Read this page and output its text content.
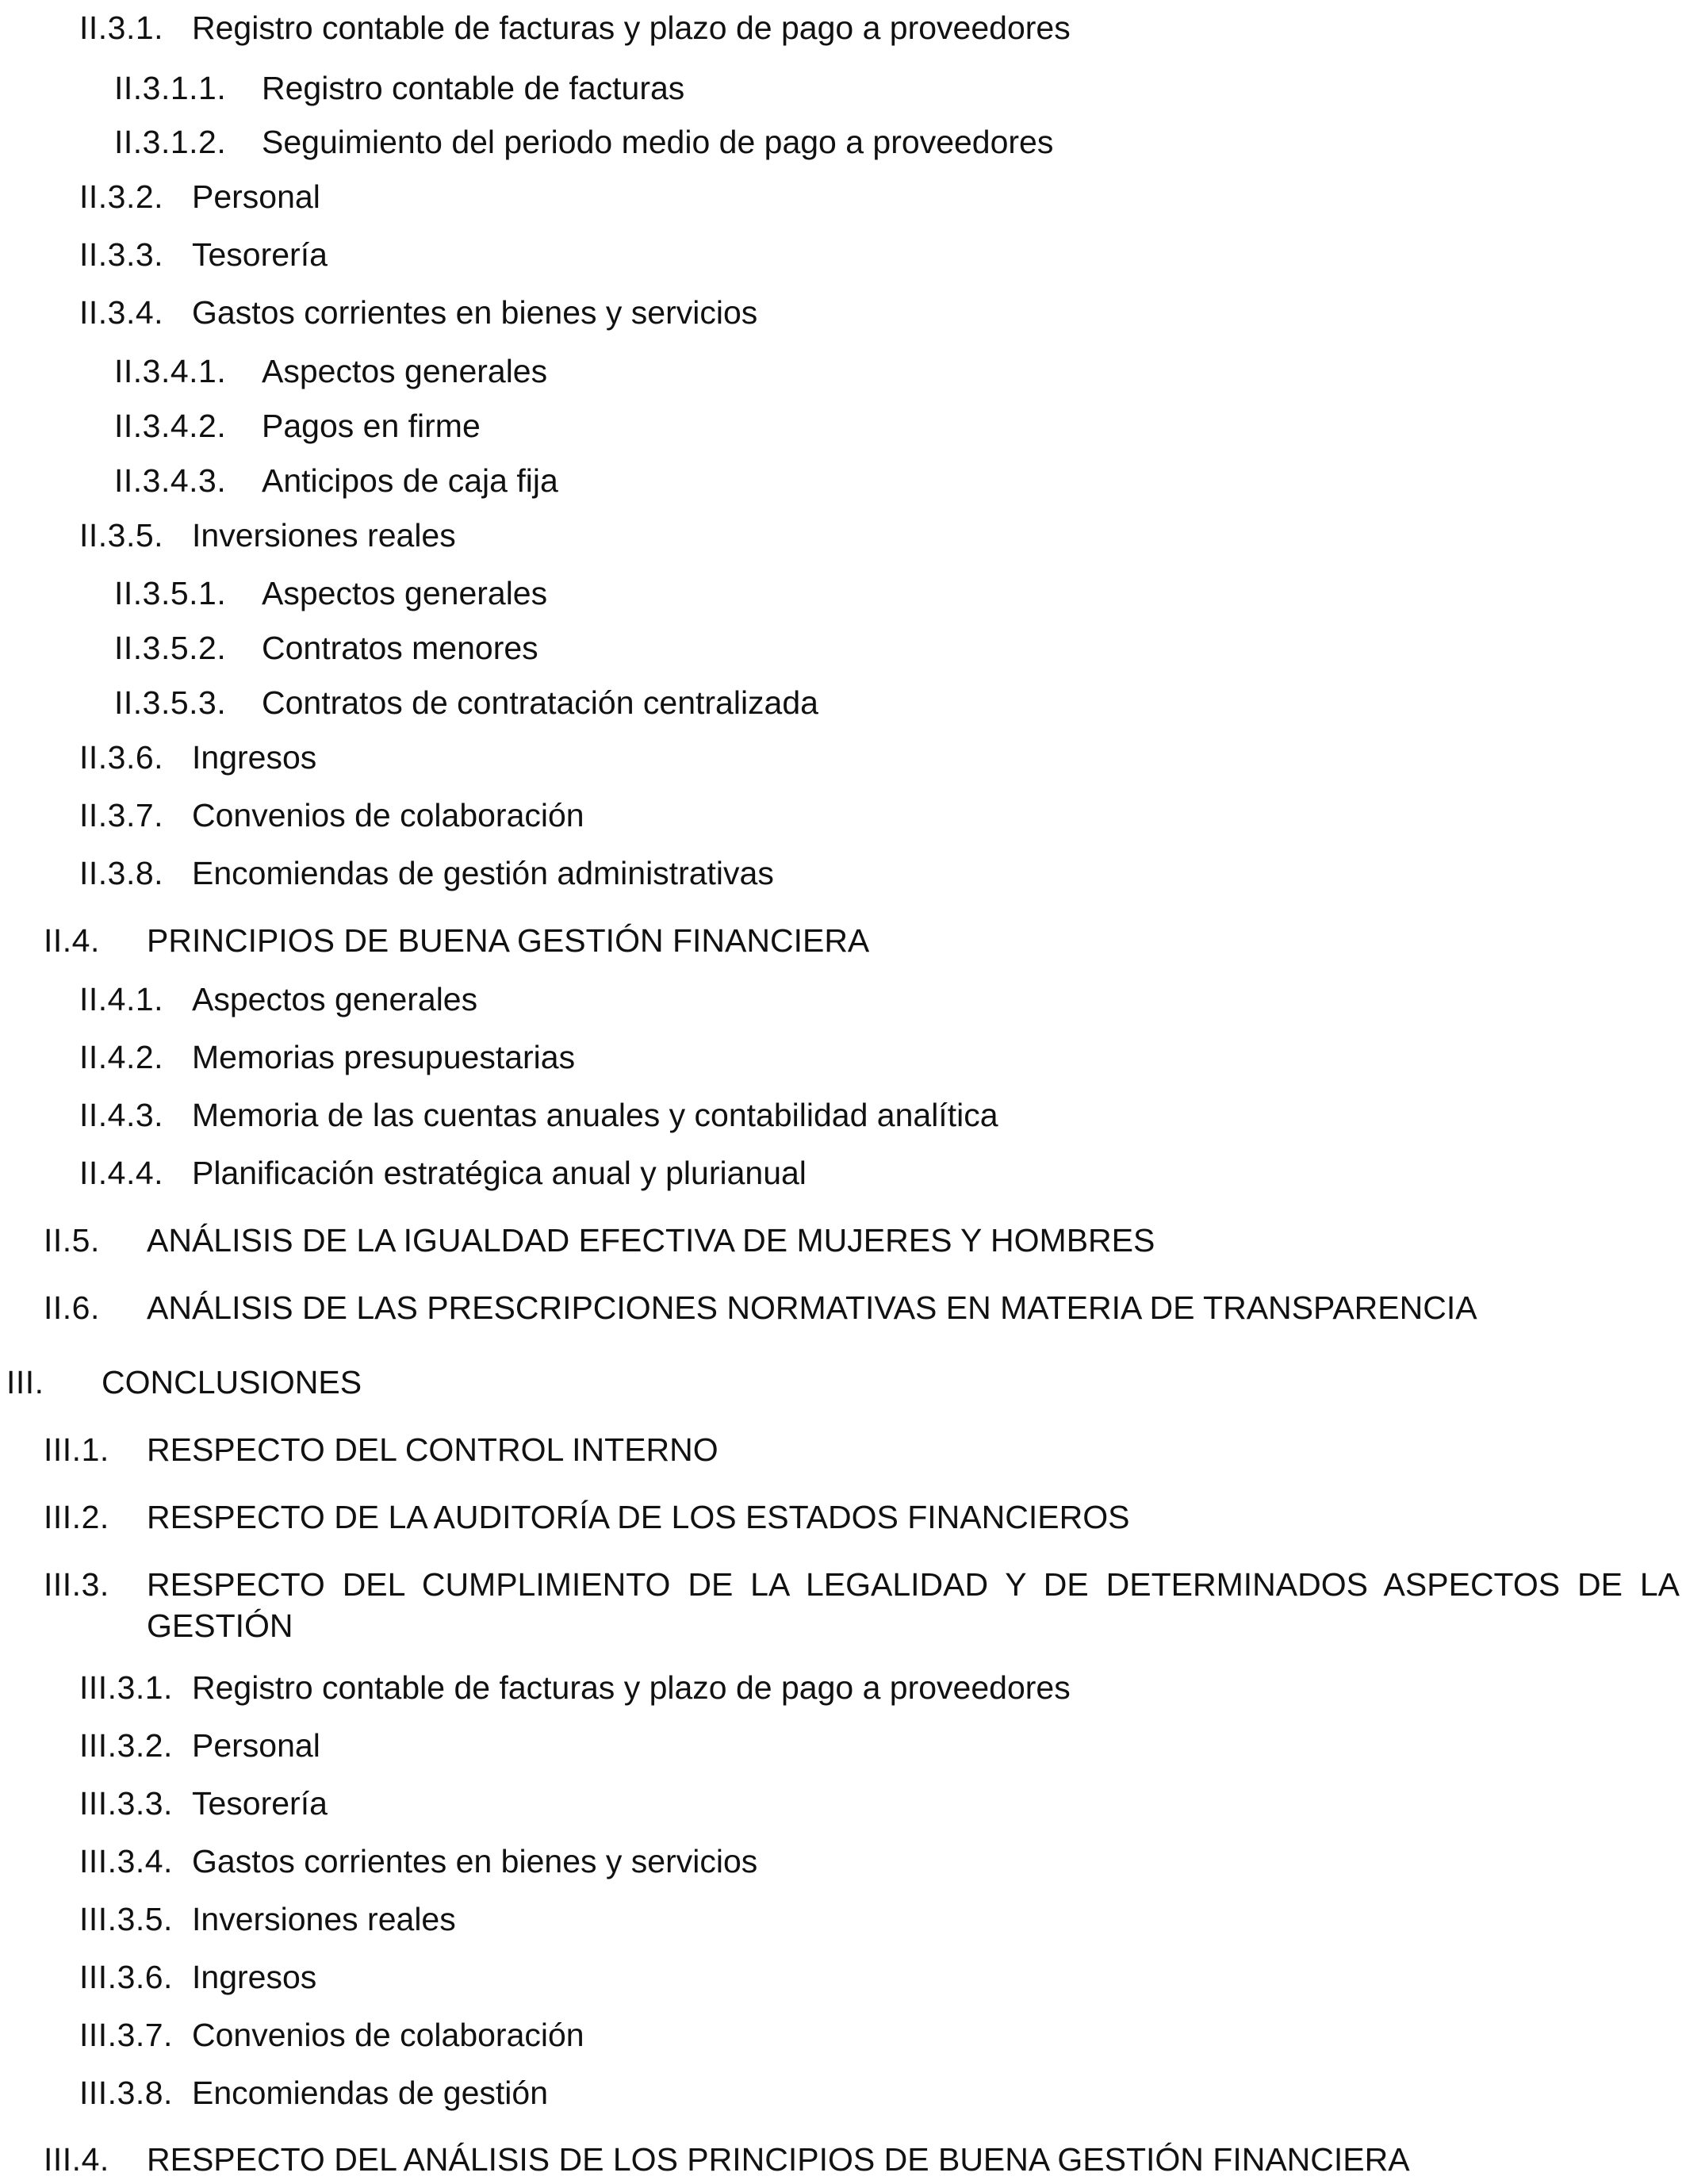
II.3.1. Registro contable de facturas y plazo de pago a proveedores
II.3.1.1. Registro contable de facturas
II.3.1.2. Seguimiento del periodo medio de pago a proveedores
II.3.2. Personal
II.3.3. Tesorería
II.3.4. Gastos corrientes en bienes y servicios
II.3.4.1. Aspectos generales
II.3.4.2. Pagos en firme
II.3.4.3. Anticipos de caja fija
II.3.5. Inversiones reales
II.3.5.1. Aspectos generales
II.3.5.2. Contratos menores
II.3.5.3. Contratos de contratación centralizada
II.3.6. Ingresos
II.3.7. Convenios de colaboración
II.3.8. Encomiendas de gestión administrativas
II.4. PRINCIPIOS DE BUENA GESTIÓN FINANCIERA
II.4.1. Aspectos generales
II.4.2. Memorias presupuestarias
II.4.3. Memoria de las cuentas anuales y contabilidad analítica
II.4.4. Planificación estratégica anual y plurianual
II.5. ANÁLISIS DE LA IGUALDAD EFECTIVA DE MUJERES Y HOMBRES
II.6. ANÁLISIS DE LAS PRESCRIPCIONES NORMATIVAS EN MATERIA DE TRANSPARENCIA
III. CONCLUSIONES
III.1. RESPECTO DEL CONTROL INTERNO
III.2. RESPECTO DE LA AUDITORÍA DE LOS ESTADOS FINANCIEROS
III.3. RESPECTO DEL CUMPLIMIENTO DE LA LEGALIDAD Y DE DETERMINADOS ASPECTOS DE LA GESTIÓN
III.3.1. Registro contable de facturas y plazo de pago a proveedores
III.3.2. Personal
III.3.3. Tesorería
III.3.4. Gastos corrientes en bienes y servicios
III.3.5. Inversiones reales
III.3.6. Ingresos
III.3.7. Convenios de colaboración
III.3.8. Encomiendas de gestión
III.4. RESPECTO DEL ANÁLISIS DE LOS PRINCIPIOS DE BUENA GESTIÓN FINANCIERA
